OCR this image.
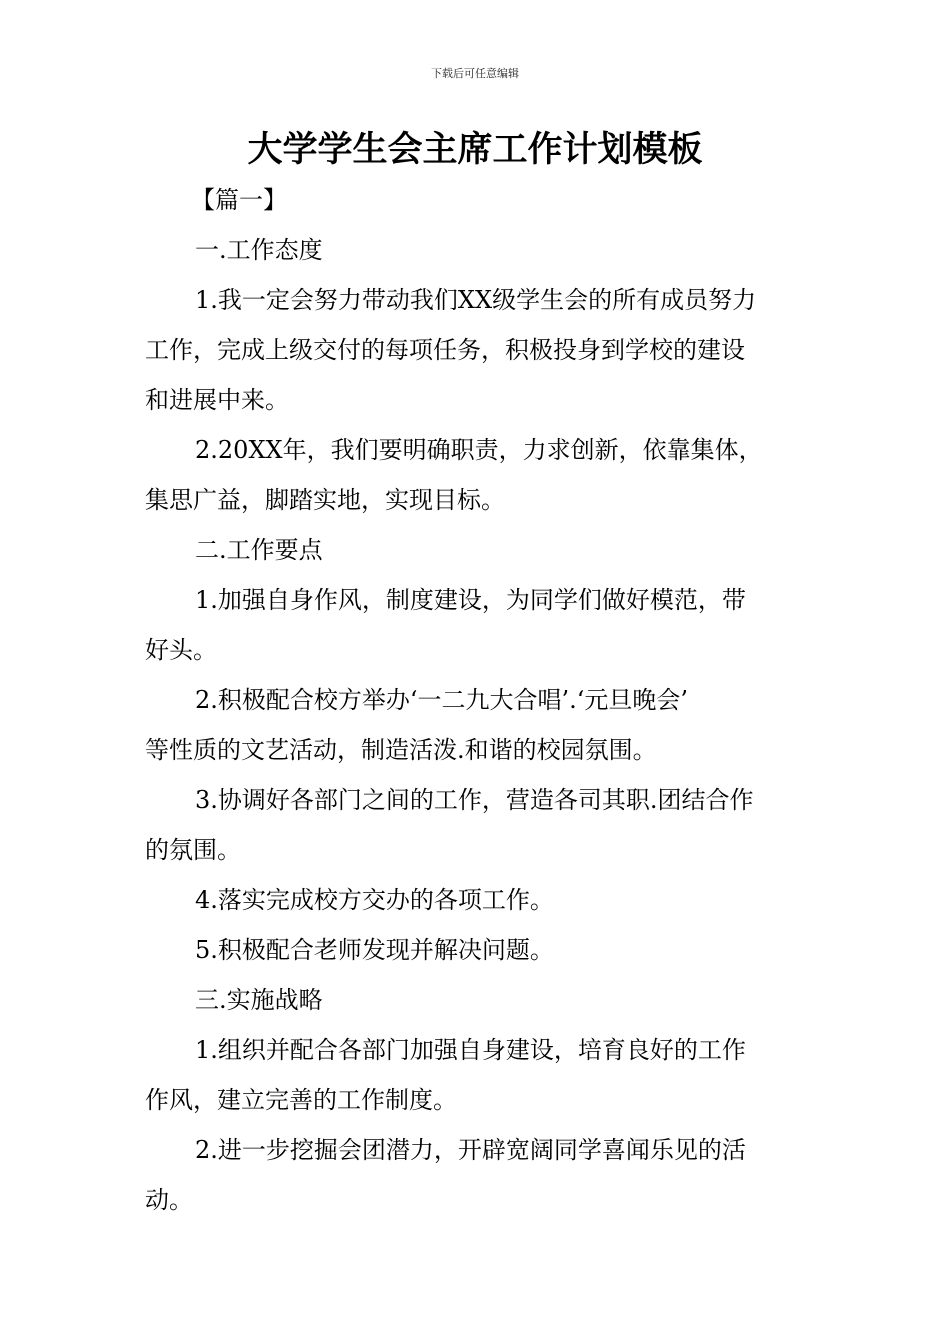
下载后可任意编辑
大学学生会主席工作计划模板
【篇一】
一.工作态度
1.我一定会努力带动我们XX级学生会的所有成员努力
工作，完成上级交付的每项任务，积极投身到学校的建设
和进展中来。
2.20XX年，我们要明确职责，力求创新，依靠集体，
集思广益，脚踏实地，实现目标。
二.工作要点
1.加强自身作风，制度建设，为同学们做好模范，带
好头。
2.积极配合校方举办‘一二九大合唱’.‘元旦晚会’
等性质的文艺活动，制造活泼.和谐的校园氛围。
3.协调好各部门之间的工作，营造各司其职.团结合作
的氛围。
4.落实完成校方交办的各项工作。
5.积极配合老师发现并解决问题。
三.实施战略
1.组织并配合各部门加强自身建设，培育良好的工作
作风，建立完善的工作制度。
2.进一步挖掘会团潜力，开辟宽阔同学喜闻乐见的活
动。
